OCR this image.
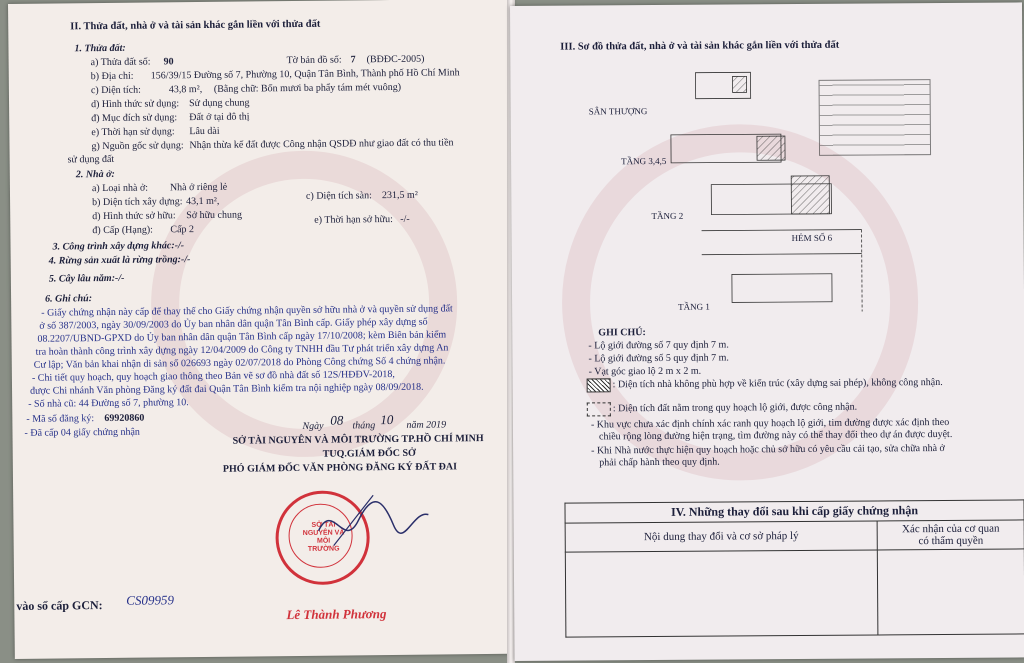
II. Thửa đất, nhà ở và tài sản khác gắn liền với thửa đất
1. Thửa đất:
a) Thửa đất số: 90	Tờ bản đồ số: 7 (BĐĐC-2005)
b) Địa chỉ: 156/39/15 Đường số 7, Phường 10, Quận Tân Bình, Thành phố Hồ Chí Minh
c) Diện tích:	43,8 m², (Bằng chữ: Bốn mươi ba phẩy tám mét vuông)
d) Hình thức sử dụng: Sử dụng chung
đ) Mục đích sử dụng: Đất ở tại đô thị
e) Thời hạn sử dụng: Lâu dài
g) Nguồn gốc sử dụng: Nhận thừa kế đất được Công nhận QSDĐ như giao đất có thu tiền
sử dụng đất
2. Nhà ở:
a) Loại nhà ở: Nhà ở riêng lẻ
b) Diện tích xây dựng: 43,1 m²,	c) Diện tích sàn: 231,5 m²
d) Hình thức sở hữu: Sở hữu chung
đ) Cấp (Hạng): Cấp 2
e) Thời hạn sở hữu: -/-
3. Công trình xây dựng khác:-/-
4. Rừng sản xuất là rừng trồng:-/-
5. Cây lâu năm:-/-
6. Ghi chú:
- Giấy chứng nhận này cấp để thay thế cho Giấy chứng nhận quyền sở hữu nhà ở và quyền sử dụng đất
ở số 387/2003, ngày 30/09/2003 do Ủy ban nhân dân quận Tân Bình cấp. Giấy phép xây dựng số
08.2207/UBND-GPXD do Ủy ban nhân dân quận Tân Bình cấp ngày 17/10/2008; kèm Biên bản kiểm
tra hoàn thành công trình xây dựng ngày 12/04/2009 do Công ty TNHH đầu Tư phát triển xây dựng An
Cư lập; Văn bản khai nhận di sản số 026693 ngày 02/07/2018 do Phòng Công chứng Số 4 chứng nhận.
- Chi tiết quy hoạch, quy hoạch giao thông theo Bản vẽ sơ đồ nhà đất số 12S/HĐĐV-2018,
được Chi nhánh Văn phòng Đăng ký đất đai Quận Tân Bình kiểm tra nội nghiệp ngày 08/09/2018.
- Số nhà cũ: 44 Đường số 7, phường 10.
- Mã số đăng ký: 69920860
- Đã cấp 04 giấy chứng nhận
Ngày 08 tháng 10 năm 2019
SỞ TÀI NGUYÊN VÀ MÔI TRƯỜNG TP.HỒ CHÍ MINH
TUQ.GIÁM ĐỐC SỞ
PHÓ GIÁM ĐỐC VĂN PHÒNG ĐĂNG KÝ ĐẤT ĐAI
SỞ TÀI NGUYÊN VÀ MÔI TRƯỜNG
Lê Thành Phương
vào sổ cấp GCN: CS09959
III. Sơ đồ thửa đất, nhà ở và tài sản khác gắn liền với thửa đất
SÂN THƯỢNG
TẦNG 3,4,5
TẦNG 2
TẦNG 1
HẺM SỐ 6
GHI CHÚ:
- Lộ giới đường số 7 quy định 7 m.
- Lộ giới đường số 5 quy định 7 m.
- Vạt góc giao lộ 2 m x 2 m.
: Diện tích nhà không phù hợp về kiến trúc (xây dựng sai phép), không công nhận.
: Diện tích đất nằm trong quy hoạch lộ giới, được công nhận.
- Khu vực chưa xác định chính xác ranh quy hoạch lộ giới, tim đường được xác định theo
chiều rộng lòng đường hiện trạng, tìm đường này có thể thay đổi theo dự án được duyệt.
- Khi Nhà nước thực hiện quy hoạch hoặc chủ sở hữu có yêu cầu cải tạo, sửa chữa nhà ở
phải chấp hành theo quy định.
IV. Những thay đổi sau khi cấp giấy chứng nhận	
Nội dung thay đổi và cơ sở pháp lý	Xác nhận của cơ quan
có thẩm quyền
